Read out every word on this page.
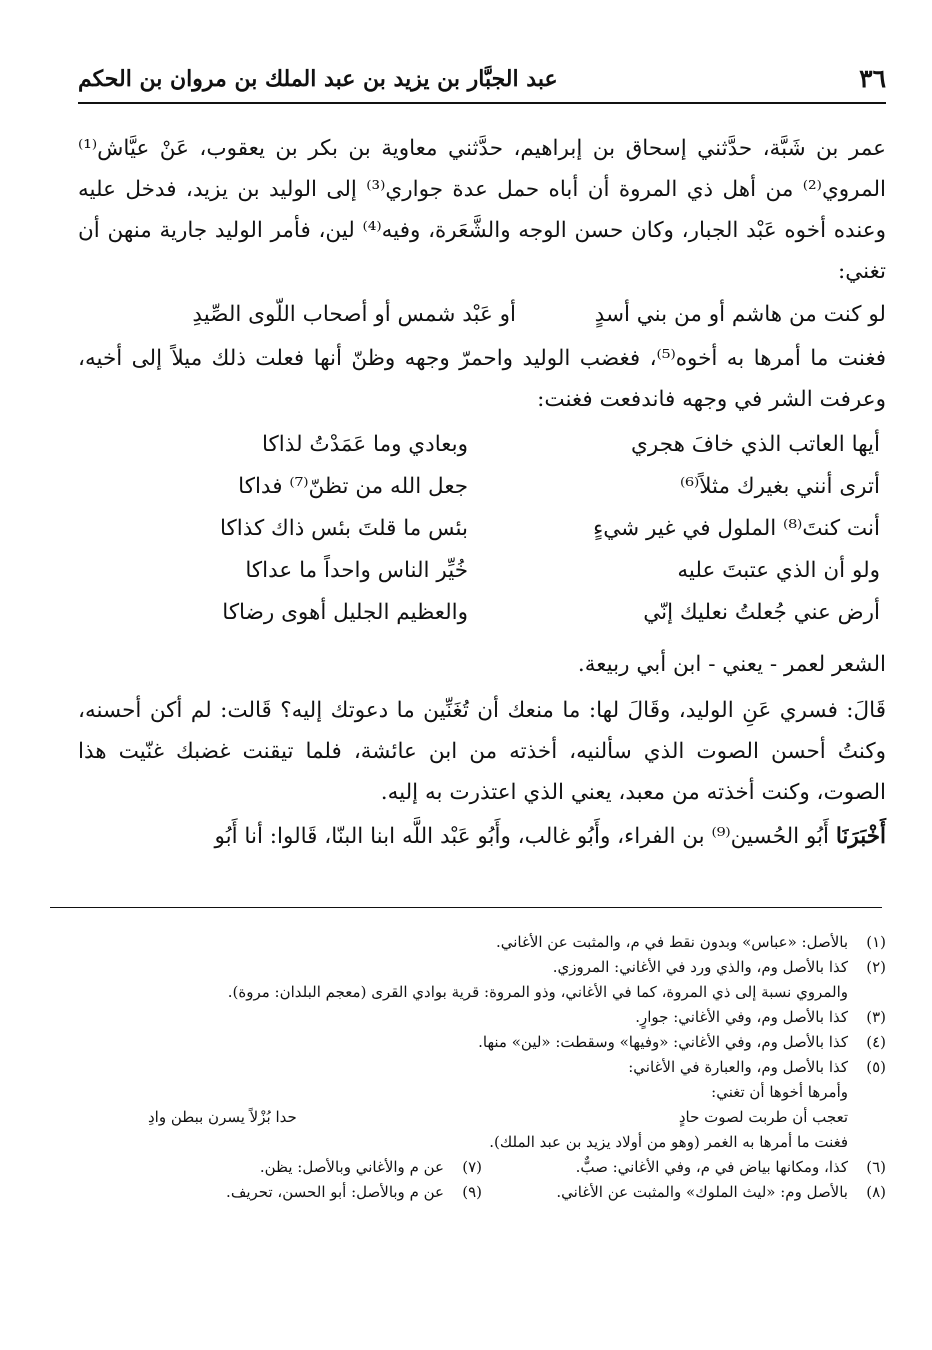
٣٦
عبد الجبَّار بن يزيد بن عبد الملك بن مروان بن الحكم

عمر بن شَبَّة، حدَّثني إسحاق بن إبراهيم، حدَّثني معاوية بن بكر بن يعقوب، عَنْ عيَّاش⁽¹⁾ المروي⁽²⁾ من أهل ذي المروة أن أباه حمل عدة جواري⁽³⁾ إلى الوليد بن يزيد، فدخل عليه وعنده أخوه عَبْد الجبار، وكان حسن الوجه والشَّعَرة، وفيه⁽⁴⁾ لين، فأمر الوليد جارية منهن أن تغني:

لو كنت من هاشم أو من بني أسدٍأو عَبْد شمس أو أصحاب اللّوى الصِّيدِ

فغنت ما أمرها به أخوه⁽⁵⁾، فغضب الوليد واحمرّ وجهه وظنّ أنها فعلت ذلك ميلاً إلى أخيه، وعرفت الشر في وجهه فاندفعت فغنت:

أيها العاتب الذي خافَ هجري
وبعادي وما عَمَدْتُ لذاكا
أترى أنني بغيرك مثلاً⁽⁶⁾
جعل الله من تظنّ⁽⁷⁾ فداكا
أنت كنتَ⁽⁸⁾ الملول في غير شيءٍ
بئس ما قلتَ بئس ذاك كذاكا
ولو أن الذي عتبتَ عليه
خُيِّر الناس واحداً ما عداكا
أرض عني جُعلتُ نعليك إنّي
والعظيم الجليل أهوى رضاكا
الشعر لعمر - يعني - ابن أبي ربيعة.

قَالَ: فسري عَنِ الوليد، وقَالَ لها: ما منعك أن تُغَنِّين ما دعوتك إليه؟ قَالت: لم أكن أحسنه، وكنتُ أحسن الصوت الذي سألنيه، أخذته من ابن عائشة، فلما تيقنت غضبك غنّيت هذا الصوت، وكنت أخذته من معبد، يعني الذي اعتذرت به إليه.

أَخْبَرَنَا أَبُو الحُسين⁽⁹⁾ بن الفراء، وأَبُو غالب، وأَبُو عَبْد اللَّه ابنا البنّا، قَالوا: أنا أَبُو

(١)
بالأصل: «عباس» وبدون نقط في م، والمثبت عن الأغاني.
(٢)
كذا بالأصل وم، والذي ورد في الأغاني: المروزي.
والمروي نسبة إلى ذي المروة، كما في الأغاني، وذو المروة: قرية بوادي القرى (معجم البلدان: مروة).
(٣)
كذا بالأصل وم، وفي الأغاني: جوارٍ.
(٤)
كذا بالأصل وم، وفي الأغاني: «وفيها» وسقطت: «لين» منها.
(٥)
كذا بالأصل وم، والعبارة في الأغاني:
وأمرها أخوها أن تغني:
تعجب أن طربت لصوت حادٍ
حدا بُزْلاً يسرن ببطن وادِ
فغنت ما أمرها به الغمر (وهو من أولاد يزيد بن عبد الملك).
(٦)
كذا، ومكانها بياض في م، وفي الأغاني: صبٌّ.
(٧)
عن م والأغاني وبالأصل: يظن.
(٨)
بالأصل وم: «ليث الملوك» والمثبت عن الأغاني.
(٩)
عن م وبالأصل: أبو الحسن، تحريف.
